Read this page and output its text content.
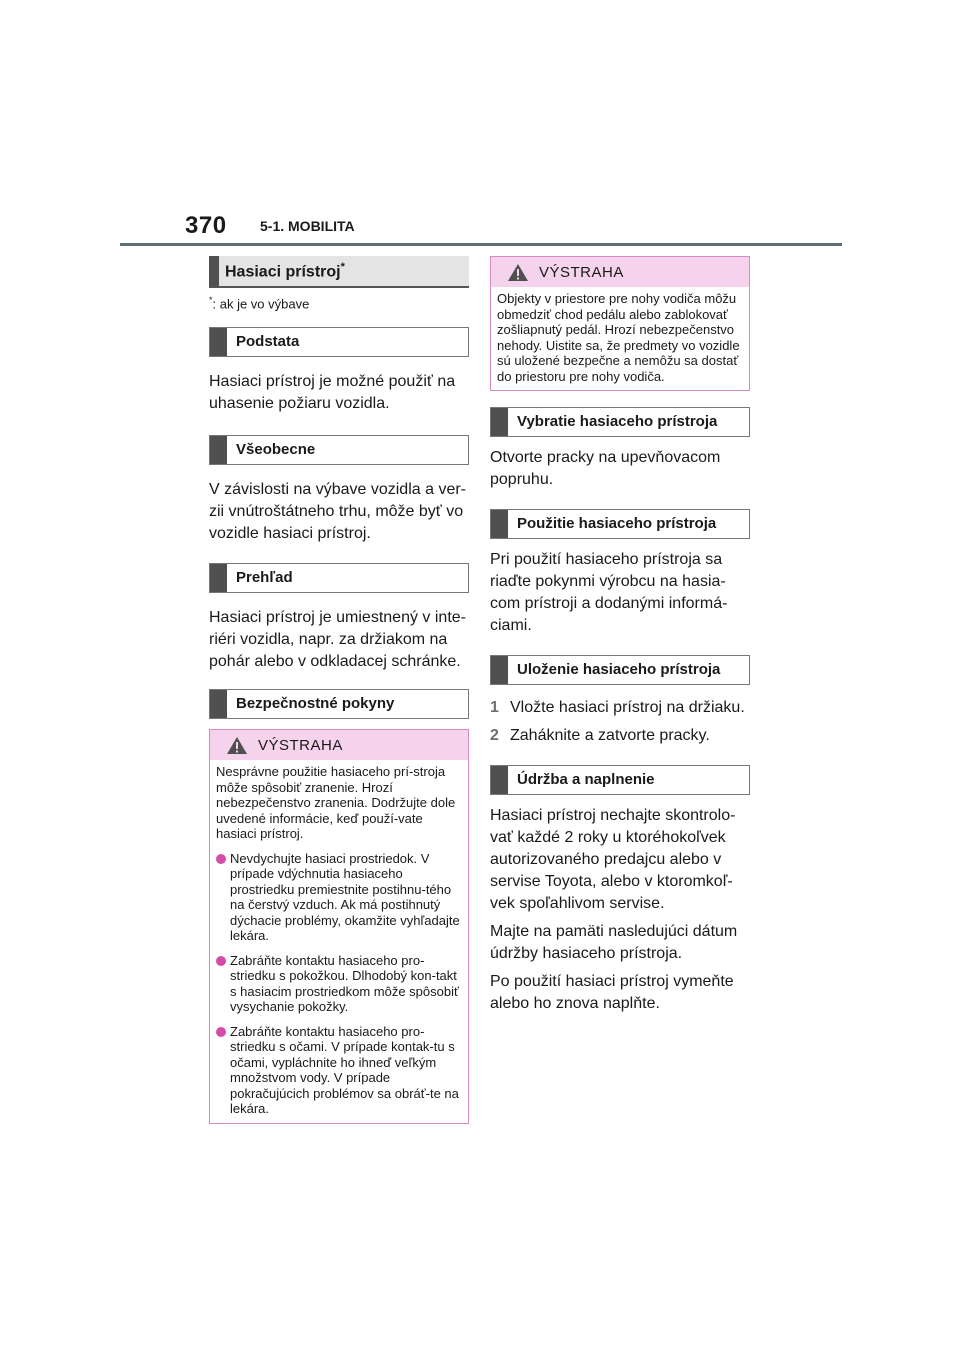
370 5-1. MOBILITA
Hasiaci prístroj*
*: ak je vo výbave
Podstata

Hasiaci prístroj je možné použiť na uhasenie požiaru vozidla.

Všeobecne

V závislosti na výbave vozidla a ver-zii vnútroštátneho trhu, môže byť vo vozidle hasiaci prístroj.

Prehľad

Hasiaci prístroj je umiestnený v inte-riéri vozidla, napr. za držiakom na pohár alebo v odkladacej schránke.

Bezpečnostné pokyny
VÝSTRAHA

Nesprávne použitie hasiaceho prí-stroja môže spôsobiť zranenie. Hrozí nebezpečenstvo zranenia. Dodržujte dole uvedené informácie, keď použí-vate hasiaci prístroj.

Nevdychujte hasiaci prostriedok. V prípade vdýchnutia hasiaceho prostriedku premiestnite postihnu-tého na čerstvý vzduch. Ak má postihnutý dýchacie problémy, okamžite vyhľadajte lekára.

Zabráňte kontaktu hasiaceho pro-striedku s pokožkou. Dlhodobý kon-takt s hasiacim prostriedkom môže spôsobiť vysychanie pokožky.

Zabráňte kontaktu hasiaceho pro-striedku s očami. V prípade kontak-tu s očami, vypláchnite ho ihneď veľkým množstvom vody. V prípade pokračujúcich problémov sa obráť-te na lekára.

VÝSTRAHA

Objekty v priestore pre nohy vodiča môžu obmedziť chod pedálu alebo zablokovať zošliapnutý pedál. Hrozí nebezpečenstvo nehody. Uistite sa, že predmety vo vozidle sú uložené bezpečne a nemôžu sa dostať do priestoru pre nohy vodiča.

Vybratie hasiaceho prístroja

Otvorte pracky na upevňovacom popruhu.

Použitie hasiaceho prístroja

Pri použití hasiaceho prístroja sa riaďte pokynmi výrobcu na hasia-com prístroji a dodanými informá-ciami.

Uloženie hasiaceho prístroja
1 Vložte hasiaci prístroj na držiaku.
2 Zaháknite a zatvorte pracky.
Údržba a naplnenie

Hasiaci prístroj nechajte skontrolo-vať každé 2 roky u ktoréhokoľvek autorizovaného predajcu alebo v servise Toyota, alebo v ktoromkoľ-vek spoľahlivom servise.

Majte na pamäti nasledujúci dátum údržby hasiaceho prístroja.

Po použití hasiaci prístroj vymeňte alebo ho znova naplňte.
